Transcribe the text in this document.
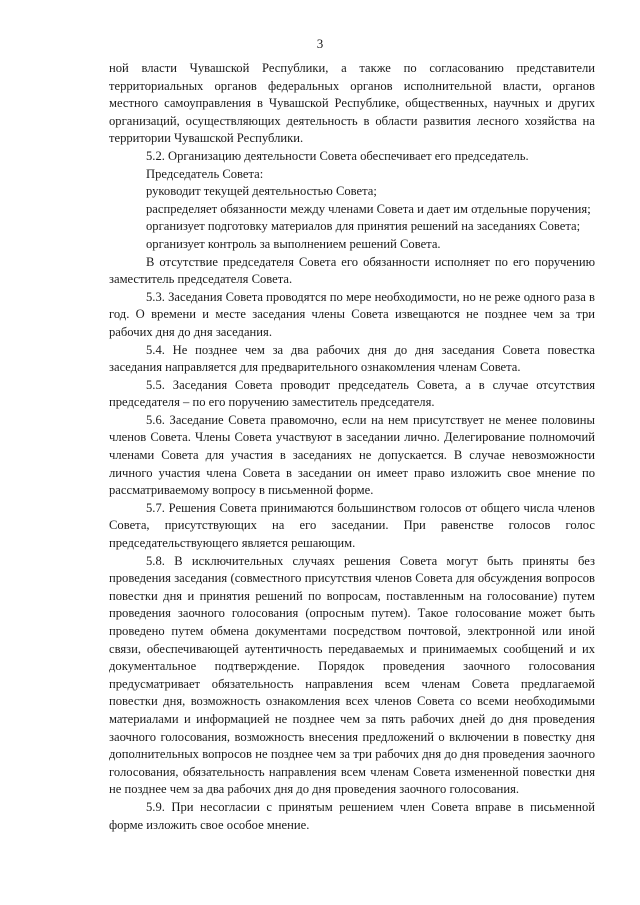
3

ной власти Чувашской Республики, а также по согласованию представители территориальных органов федеральных органов исполнительной власти, органов местного самоуправления в Чувашской Республике, общественных, научных и других организаций, осуществляющих деятельность в области развития лесного хозяйства на территории Чувашской Республики.

5.2. Организацию деятельности Совета обеспечивает его председатель.

Председатель Совета:

руководит текущей деятельностью Совета;

распределяет обязанности между членами Совета и дает им отдельные поручения;

организует подготовку материалов для принятия решений на заседаниях Совета;

организует контроль за выполнением решений Совета.

В отсутствие председателя Совета его обязанности исполняет по его поручению заместитель председателя Совета.

5.3. Заседания Совета проводятся по мере необходимости, но не реже одного раза в год. О времени и месте заседания члены Совета извещаются не позднее чем за три рабочих дня до дня заседания.

5.4. Не позднее чем за два рабочих дня до дня заседания Совета повестка заседания направляется для предварительного ознакомления членам Совета.

5.5. Заседания Совета проводит председатель Совета, а в случае отсутствия председателя – по его поручению заместитель председателя.

5.6. Заседание Совета правомочно, если на нем присутствует не менее половины членов Совета. Члены Совета участвуют в заседании лично. Делегирование полномочий членами Совета для участия в заседаниях не допускается. В случае невозможности личного участия члена Совета в заседании он имеет право изложить свое мнение по рассматриваемому вопросу в письменной форме.

5.7. Решения Совета принимаются большинством голосов от общего числа членов Совета, присутствующих на его заседании. При равенстве голосов голос председательствующего является решающим.

5.8. В исключительных случаях решения Совета могут быть приняты без проведения заседания (совместного присутствия членов Совета для обсуждения вопросов повестки дня и принятия решений по вопросам, поставленным на голосование) путем проведения заочного голосования (опросным путем). Такое голосование может быть проведено путем обмена документами посредством почтовой, электронной или иной связи, обеспечивающей аутентичность передаваемых и принимаемых сообщений и их документальное подтверждение. Порядок проведения заочного голосования предусматривает обязательность направления всем членам Совета предлагаемой повестки дня, возможность ознакомления всех членов Совета со всеми необходимыми материалами и информацией не позднее чем за пять рабочих дней до дня проведения заочного голосования, возможность внесения предложений о включении в повестку дня дополнительных вопросов не позднее чем за три рабочих дня до дня проведения заочного голосования, обязательность направления всем членам Совета измененной повестки дня не позднее чем за два рабочих дня до дня проведения заочного голосования.

5.9. При несогласии с принятым решением член Совета вправе в письменной форме изложить свое особое мнение.
